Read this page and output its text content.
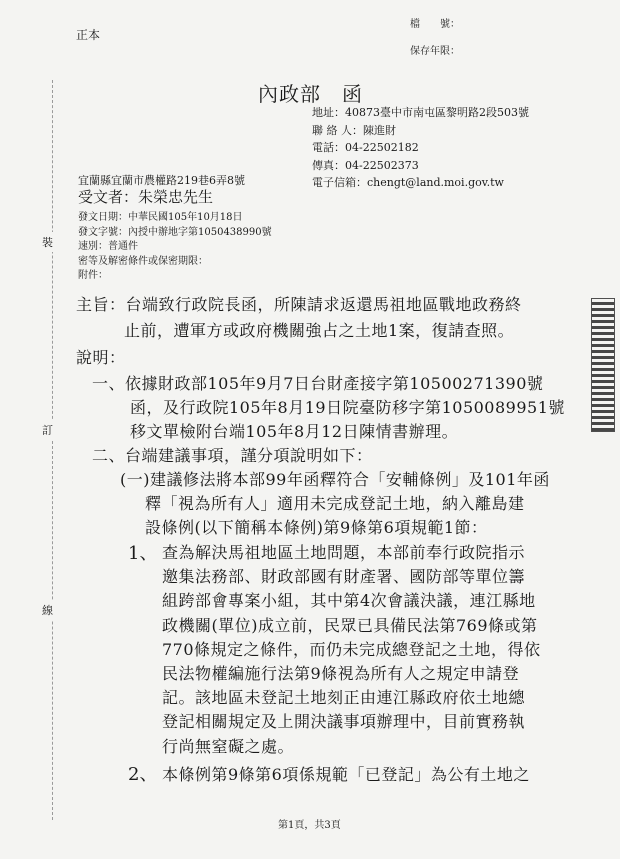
正本
檔　　號：
保存年限：
內政部　函
地址：40873臺中市南屯區黎明路2段503號
聯 絡 人：陳進財
電話：04-22502182
傳真：04-22502373
電子信箱：chengt@land.moi.gov.tw
宜蘭縣宜蘭市農權路219巷6弄8號
受文者：朱榮忠先生
發文日期：中華民國105年10月18日
發文字號：內授中辦地字第1050438990號
速別：普通件
密等及解密條件或保密期限：
附件：
裝
訂
線
主旨：台端致行政院長函，所陳請求返還馬祖地區戰地政務終
止前，遭軍方或政府機關強占之土地1案，復請查照。
說明：
一、依據財政部105年9月7日台財產接字第10500271390號
函，及行政院105年8月19日院臺防移字第1050089951號
移文單檢附台端105年8月12日陳情書辦理。
二、台端建議事項，謹分項說明如下：
(一)建議修法將本部99年函釋符合「安輔條例」及101年函
釋「視為所有人」適用未完成登記土地，納入離島建
設條例(以下簡稱本條例)第9條第6項規範1節：
1、 查為解決馬祖地區土地問題，本部前奉行政院指示
邀集法務部、財政部國有財產署、國防部等單位籌
組跨部會專案小組，其中第4次會議決議，連江縣地
政機關(單位)成立前，民眾已具備民法第769條或第
770條規定之條件，而仍未完成總登記之土地，得依
民法物權編施行法第9條視為所有人之規定申請登
記。該地區未登記土地刻正由連江縣政府依土地總
登記相關規定及上開決議事項辦理中，目前實務執
行尚無窒礙之處。
2、 本條例第9條第6項係規範「已登記」為公有土地之
第1頁，共3頁
